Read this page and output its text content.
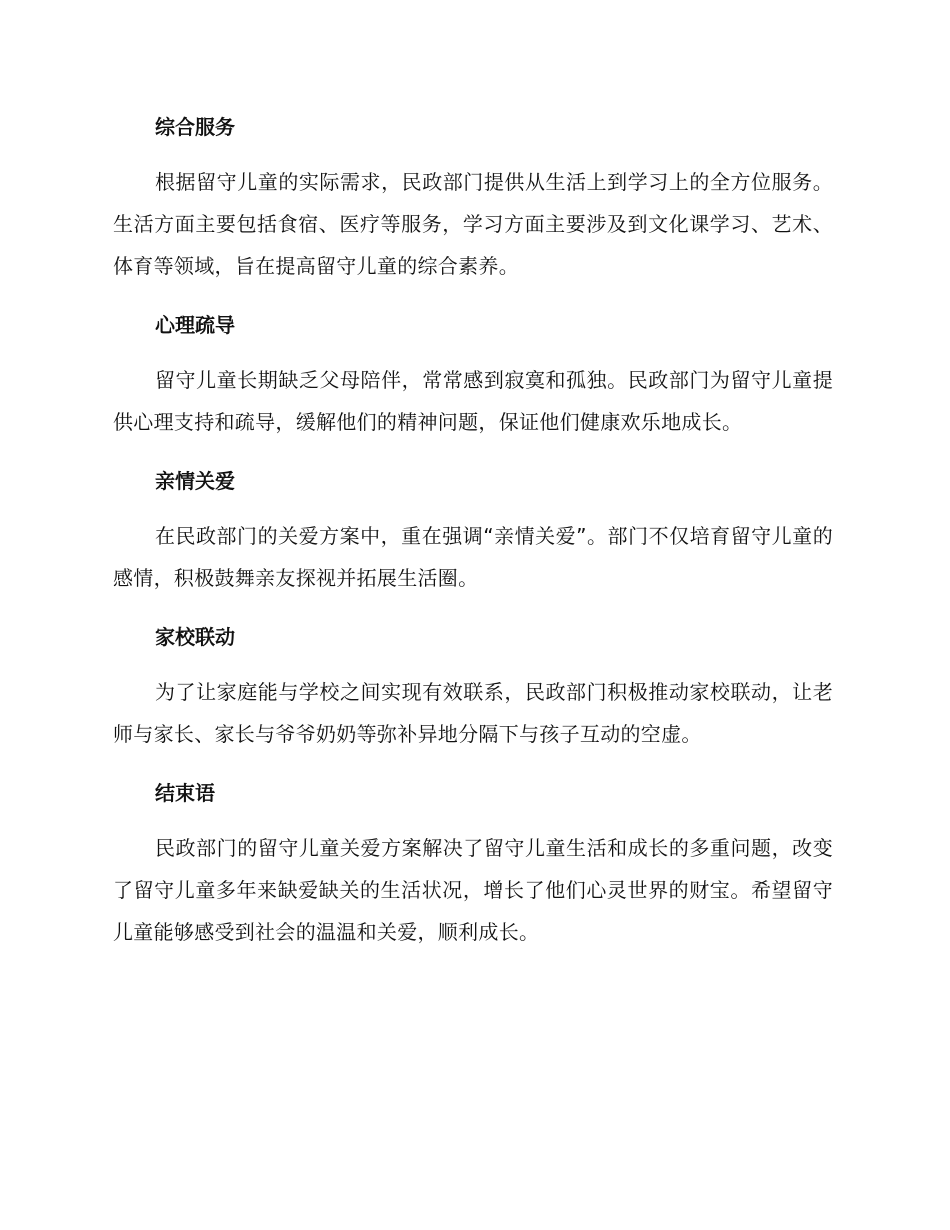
综合服务

根据留守儿童的实际需求，民政部门提供从生活上到学习上的全方位服务。生活方面主要包括食宿、医疗等服务，学习方面主要涉及到文化课学习、艺术、体育等领域，旨在提高留守儿童的综合素养。

心理疏导

留守儿童长期缺乏父母陪伴，常常感到寂寞和孤独。民政部门为留守儿童提供心理支持和疏导，缓解他们的精神问题，保证他们健康欢乐地成长。

亲情关爱

在民政部门的关爱方案中，重在强调“亲情关爱”。部门不仅培育留守儿童的感情，积极鼓舞亲友探视并拓展生活圈。

家校联动

为了让家庭能与学校之间实现有效联系，民政部门积极推动家校联动，让老师与家长、家长与爷爷奶奶等弥补异地分隔下与孩子互动的空虚。

结束语

民政部门的留守儿童关爱方案解决了留守儿童生活和成长的多重问题，改变了留守儿童多年来缺爱缺关的生活状况，增长了他们心灵世界的财宝。希望留守儿童能够感受到社会的温温和关爱，顺利成长。
